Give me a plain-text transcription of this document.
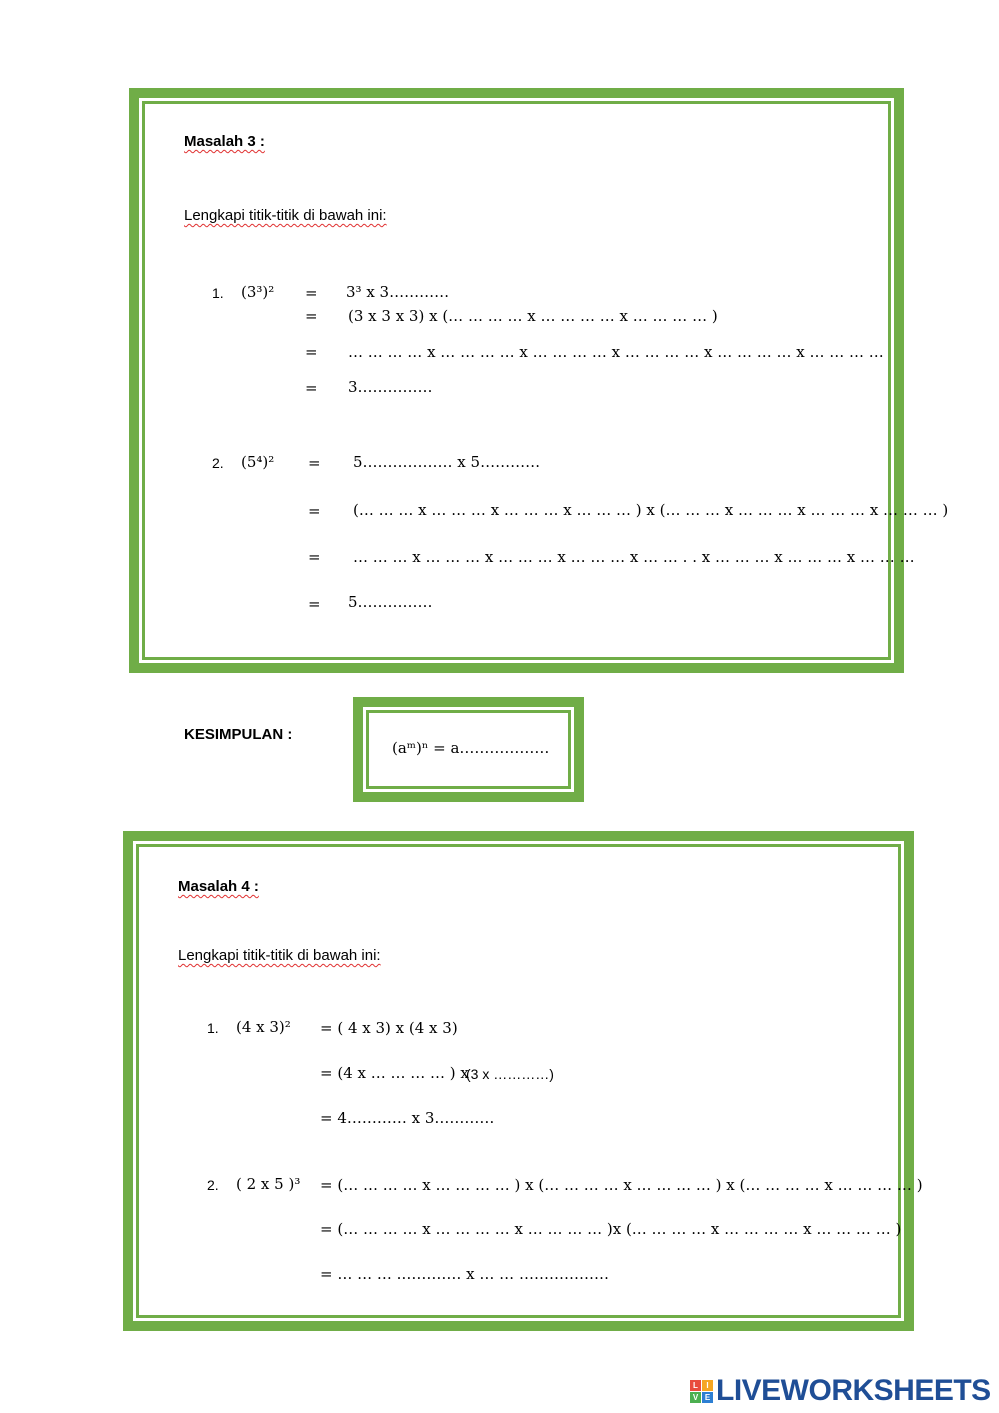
Masalah 3 :
Lengkapi titik-titik di bawah ini:
1. (3³)² = 3³ x 3…………
= (3 x 3 x 3) x (… … … … x … … … … x … … … … )
= … … … … x … … … … x … … … … x … … … … x … … … … x … … … …
= 3……………
2. (5⁴)² = 5……………… x 5…………
= (… … … x … … … x … … … x … … … ) x (… … … x … … … x … … … x … … … )
= … … … x … … … x … … … x … … … x … … . . x … … … x … … … x … … …
= 5……………
KESIMPULAN :
(aᵐ)ⁿ = a………………
Masalah 4 :
Lengkapi titik-titik di bawah ini:
1. (4 x 3)² = ( 4 x 3) x (4 x 3)
= (4 x … … … … ) x
(3 x …………)
= 4………… x 3…………
2. ( 2 x 5 )³ = (… … … … x … … … … ) x (… … … … x … … … … ) x (… … … … x … … … … )
= (… … … … x … … … … x … … … … )x (… … … … x … … … … x … … … … )
= … … … .………… x … … ………………
L	I
V E LIVEWORKSHEETS
